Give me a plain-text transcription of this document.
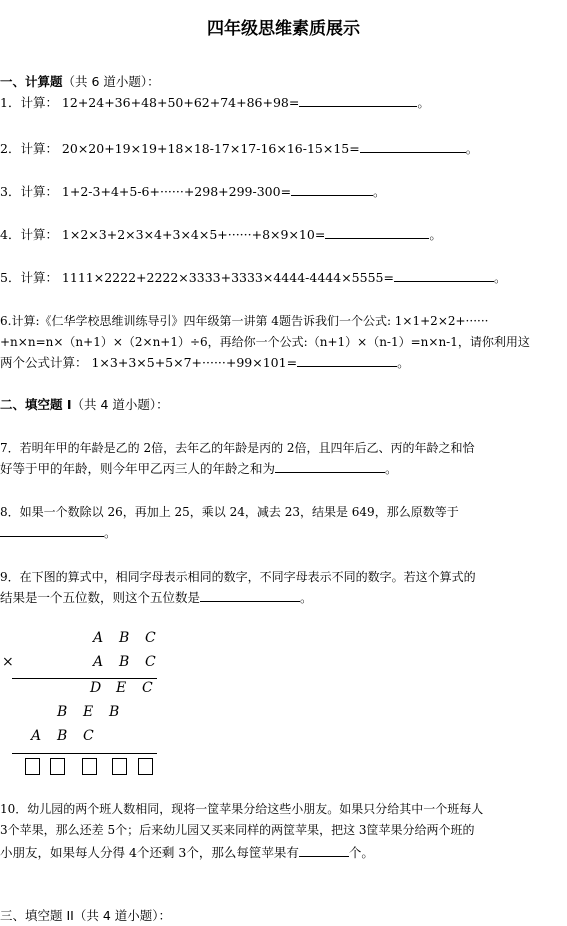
四年级思维素质展示
一、计算题（共 6 道小题）：
1．计算： 12+24+36+48+50+62+74+86+98=	。
2．计算： 20×20+19×19+18×18-17×17-16×16-15×15=	。
3．计算： 1+2-3+4+5-6+······+298+299-300=	。
4．计算： 1×2×3+2×3×4+3×4×5+······+8×9×10=	。
5．计算： 1111×2222+2222×3333+3333×4444-4444×5555=	。
6.计算:《仁华学校思维训练导引》四年级第一讲第 4题告诉我们一个公式: 1×1+2×2+······
+n×n=n×（n+1）×（2×n+1）÷6，再给你一个公式:（n+1）×（n-1）=n×n-1，请你利用这
两个公式计算： 1×3+3×5+5×7+······+99×101=	。
二、填空题 I（共 4 道小题）：
7．若明年甲的年龄是乙的 2倍，去年乙的年龄是丙的 2倍，且四年后乙、丙的年龄之和恰
好等于甲的年龄，则今年甲乙丙三人的年龄之和为	。
8．如果一个数除以 26，再加上 25，乘以 24，减去 23，结果是 649，那么原数等于
。
9．在下图的算式中，相同字母表示相同的数字，不同字母表示不同的数字。若这个算式的
结果是一个五位数，则这个五位数是	。
A B C
×	A B C
D E C
B E B
A B C
10．幼儿园的两个班人数相同，现将一筐苹果分给这些小朋友。如果只分给其中一个班每人
3个苹果，那么还差 5个；后来幼儿园又买来同样的两筐苹果，把这 3筐苹果分给两个班的
小朋友，如果每人分得 4个还剩 3个，那么每筐苹果有	个。
三、填空题 II（共 4 道小题）：
